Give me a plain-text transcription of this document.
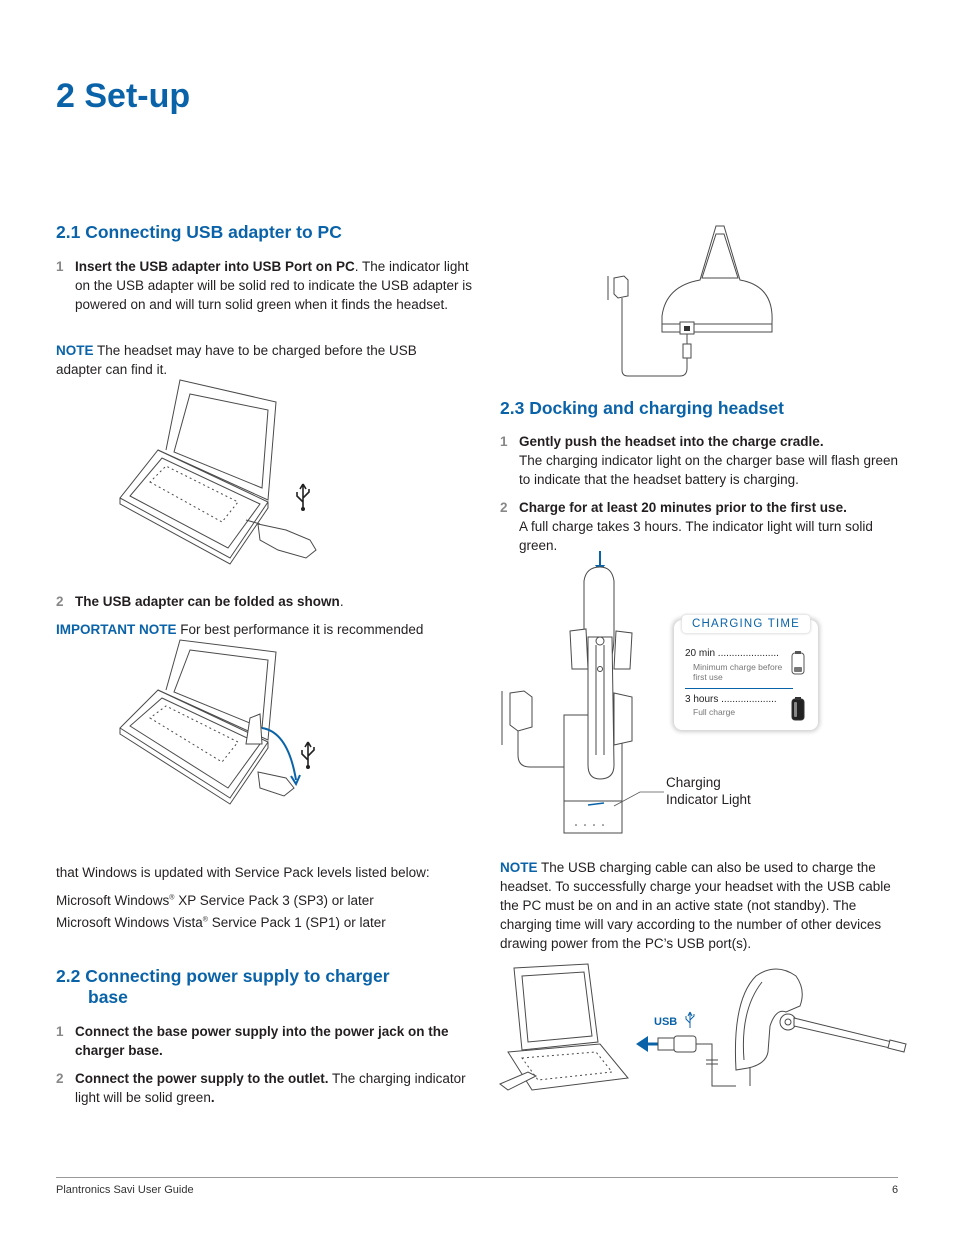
2 Set-up
2.1 Connecting USB adapter to PC
1 Insert the USB adapter into USB Port on PC. The indicator light on the USB adapter will be solid red to indicate the USB adapter is powered on and will turn solid green when it finds the headset.
NOTE The headset may have to be charged before the USB adapter can find it.
2 The USB adapter can be folded as shown.
IMPORTANT NOTE For best performance it is recommended
that Windows is updated with Service Pack levels listed below:
Microsoft Windows® XP Service Pack 3 (SP3) or later
Microsoft Windows Vista® Service Pack 1 (SP1) or later
2.2 Connecting power supply to charger
base
1 Connect the base power supply into the power jack on the charger base.
2 Connect the power supply to the outlet. The charging indicator light will be solid green.
2.3 Docking and charging headset
1 Gently push the headset into the charge cradle.
The charging indicator light on the charger base will flash green to indicate that the headset battery is charging.
2 Charge for at least 20 minutes prior to the first use.
A full charge takes 3 hours. The indicator light will turn solid green.
CHARGING TIME
20 min ......................
Minimum charge before first use
3 hours ....................
Full charge
Charging
Indicator Light
NOTE The USB charging cable can also be used to charge the headset. To successfully charge your headset with the USB cable the PC must be on and in an active state (not standby). The charging time will vary according to the number of other devices drawing power from the PC’s USB port(s).
USB
Plantronics Savi User Guide	6
